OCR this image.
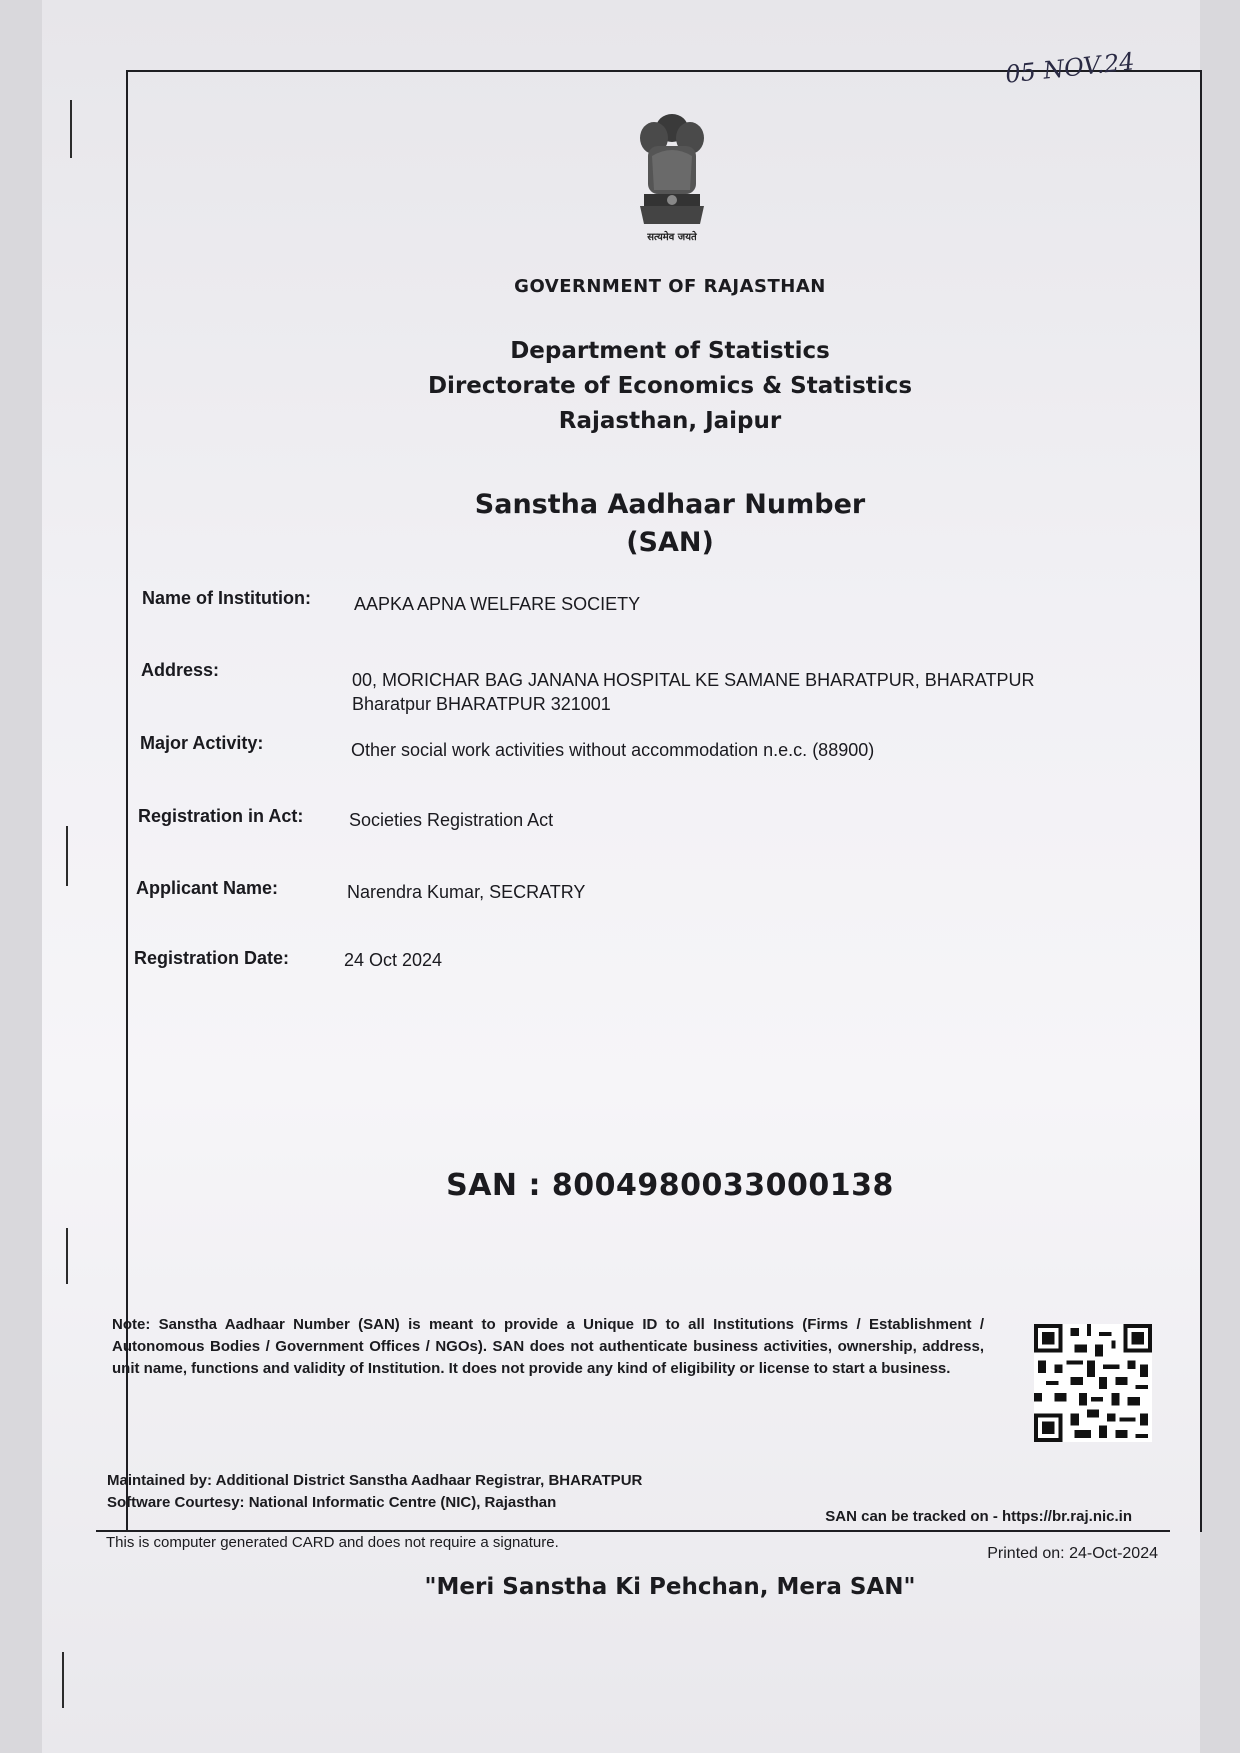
05 NOV.24
सत्यमेव जयते
GOVERNMENT OF RAJASTHAN
Department of Statistics
Directorate of Economics & Statistics
Rajasthan, Jaipur
Sanstha Aadhaar Number
(SAN)
Name of Institution: AAPKA APNA WELFARE SOCIETY
Address:	00, MORICHAR BAG JANANA HOSPITAL KE SAMANE BHARATPUR, BHARATPUR
Bharatpur BHARATPUR 321001
Major Activity:	Other social work activities without accommodation n.e.c. (88900)
Registration in Act:	Societies Registration Act
Applicant Name:	Narendra Kumar, SECRATRY
Registration Date:	24 Oct 2024
SAN : 8004980033000138
Note: Sanstha Aadhaar Number (SAN) is meant to provide a Unique ID to all Institutions (Firms / Establishment / Autonomous Bodies / Government Offices / NGOs). SAN does not authenticate business activities, ownership, address, unit name, functions and validity of Institution. It does not provide any kind of eligibility or license to start a business.
Maintained by: Additional District Sanstha Aadhaar Registrar, BHARATPUR
Software Courtesy: National Informatic Centre (NIC), Rajasthan
SAN can be tracked on - https://br.raj.nic.in
This is computer generated CARD and does not require a signature.
Printed on: 24-Oct-2024
"Meri Sanstha Ki Pehchan, Mera SAN"
